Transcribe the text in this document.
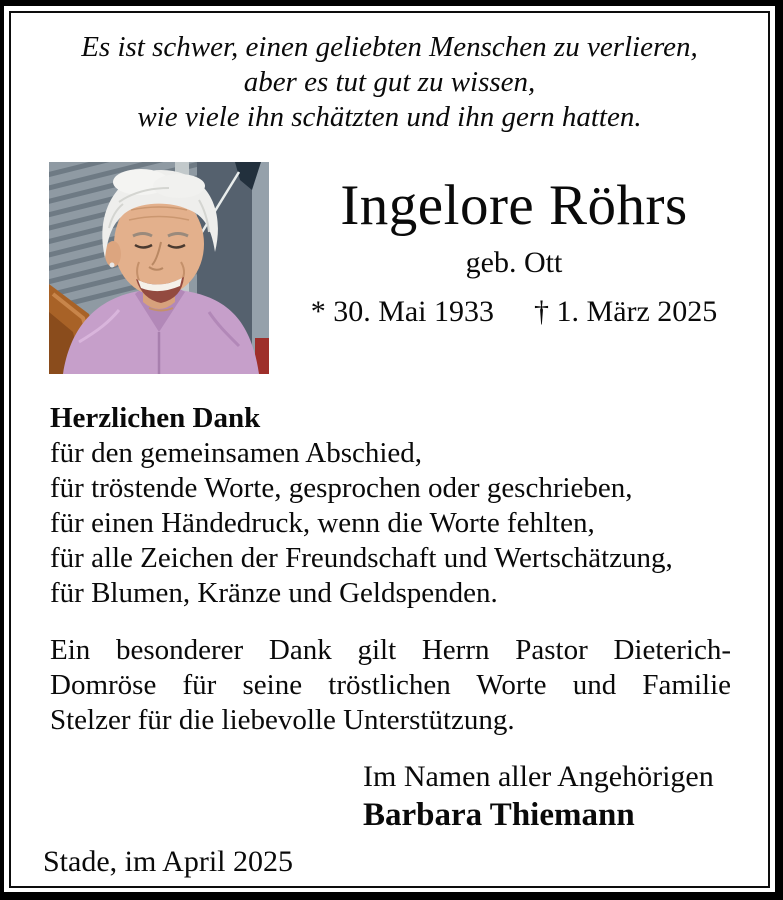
Es ist schwer, einen geliebten Menschen zu verlieren,
aber es tut gut zu wissen,
wie viele ihn schätzten und ihn gern hatten.
Ingelore Röhrs
geb. Ott
* 30. Mai 1933 † 1. März 2025
Herzlichen Dank
für den gemeinsamen Abschied,
für tröstende Worte, gesprochen oder geschrieben,
für einen Händedruck, wenn die Worte fehlten,
für alle Zeichen der Freundschaft und Wertschätzung,
für Blumen, Kränze und Geldspenden.
Ein besonderer Dank gilt Herrn Pastor Dieterich-
Domröse für seine tröstlichen Worte und Familie
Stelzer für die liebevolle Unterstützung.
Im Namen aller Angehörigen
Barbara Thiemann
Stade, im April 2025
